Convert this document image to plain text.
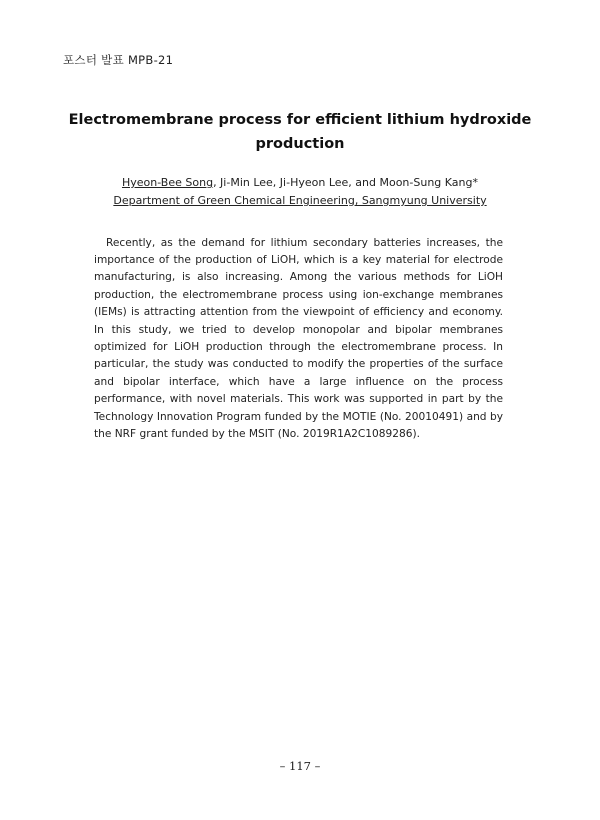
포스터 발표 MPB-21
Electromembrane process for efficient lithium hydroxide production
Hyeon-Bee Song, Ji-Min Lee, Ji-Hyeon Lee, and Moon-Sung Kang*
Department of Green Chemical Engineering, Sangmyung University

Recently, as the demand for lithium secondary batteries increases, the importance of the production of LiOH, which is a key material for electrode manufacturing, is also increasing. Among the various methods for LiOH production, the electromembrane process using ion-exchange membranes (IEMs) is attracting attention from the viewpoint of efficiency and economy. In this study, we tried to develop monopolar and bipolar membranes optimized for LiOH production through the electromembrane process. In particular, the study was conducted to modify the properties of the surface and bipolar interface, which have a large influence on the process performance, with novel materials. This work was supported in part by the Technology Innovation Program funded by the MOTIE (No. 20010491) and by the NRF grant funded by the MSIT (No. 2019R1A2C1089286).

– 117 –
